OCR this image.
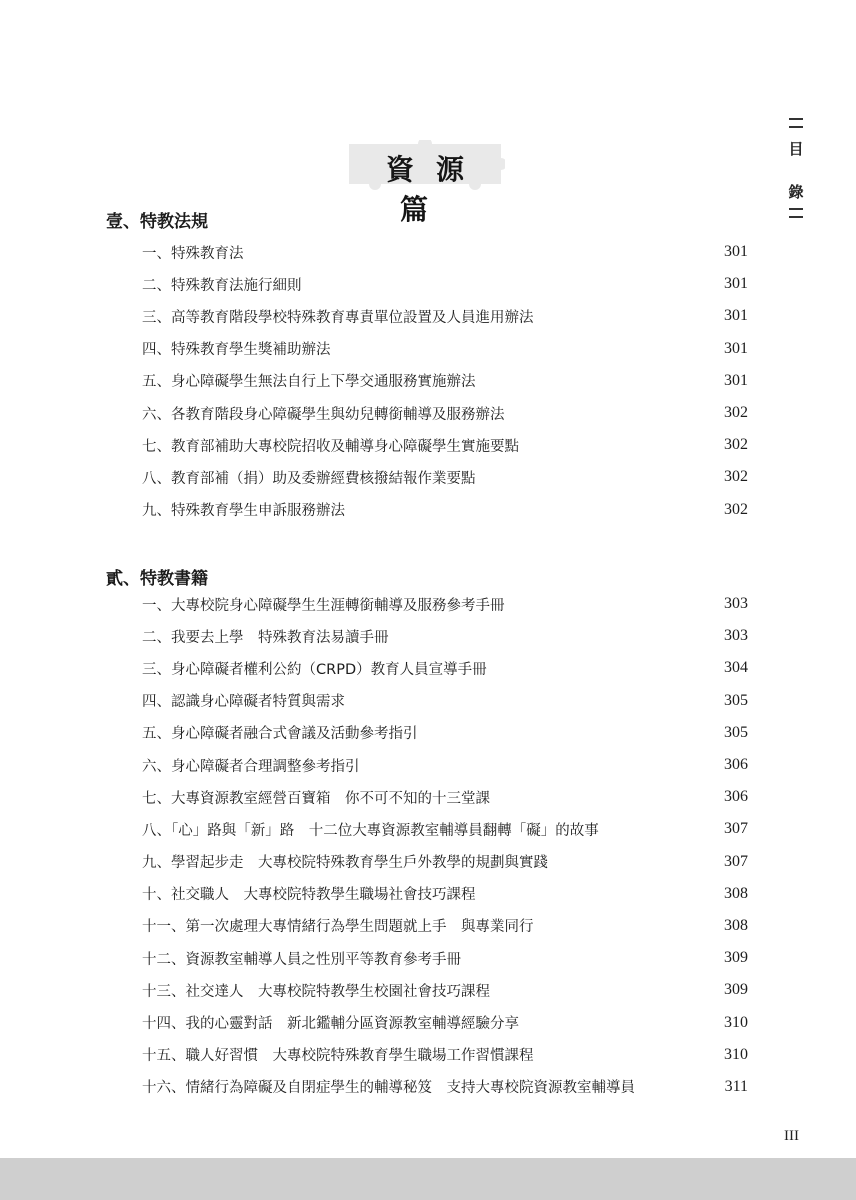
資源篇
目
錄
壹、特教法規
一、特殊教育法	301
二、特殊教育法施行細則	301
三、高等教育階段學校特殊教育專責單位設置及人員進用辦法	301
四、特殊教育學生獎補助辦法	301
五、身心障礙學生無法自行上下學交通服務實施辦法	301
六、各教育階段身心障礙學生與幼兒轉銜輔導及服務辦法	302
七、教育部補助大專校院招收及輔導身心障礙學生實施要點	302
八、教育部補（捐）助及委辦經費核撥結報作業要點	302
九、特殊教育學生申訴服務辦法	302
貳、特教書籍
一、大專校院身心障礙學生生涯轉銜輔導及服務參考手冊	303
二、我要去上學　特殊教育法易讀手冊	303
三、身心障礙者權利公約（CRPD）教育人員宣導手冊	304
四、認識身心障礙者特質與需求	305
五、身心障礙者融合式會議及活動參考指引	305
六、身心障礙者合理調整參考指引	306
七、大專資源教室經營百寶箱　你不可不知的十三堂課	306
八、「心」路與「新」路　十二位大專資源教室輔導員翻轉「礙」的故事	307
九、學習起步走　大專校院特殊教育學生戶外教學的規劃與實踐	307
十、社交職人　大專校院特教學生職場社會技巧課程	308
十一、第一次處理大專情緒行為學生問題就上手　與專業同行	308
十二、資源教室輔導人員之性別平等教育參考手冊	309
十三、社交達人　大專校院特教學生校園社會技巧課程	309
十四、我的心靈對話　新北鑑輔分區資源教室輔導經驗分享	310
十五、職人好習慣　大專校院特殊教育學生職場工作習慣課程	310
十六、情緒行為障礙及自閉症學生的輔導秘笈　支持大專校院資源教室輔導員	311
III
